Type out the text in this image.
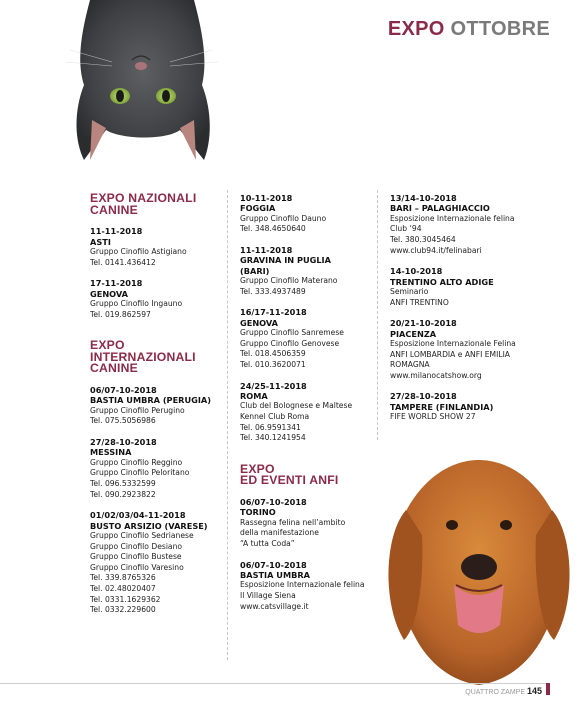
EXPO OTTOBRE
EXPO NAZIONALI
CANINE
11-11-2018
ASTI
Gruppo Cinofilo Astigiano
Tel. 0141.436412
17-11-2018
GENOVA
Gruppo Cinofilo Ingauno
Tel. 019.862597
EXPO
INTERNAZIONALI
CANINE
06/07-10-2018
BASTIA UMBRA (PERUGIA)
Gruppo Cinofilo Perugino
Tel. 075.5056986
27/28-10-2018
MESSINA
Gruppo Cinofilo Reggino
Gruppo Cinofilo Peloritano
Tel. 096.5332599
Tel. 090.2923822
01/02/03/04-11-2018
BUSTO ARSIZIO (VARESE)
Gruppo Cinofilo Sedrianese
Gruppo Cinofilo Desiano
Gruppo Cinofilo Bustese
Gruppo Cinofilo Varesino
Tel. 339.8765326
Tel. 02.48020407
Tel. 0331.1629362
Tel. 0332.229600
10-11-2018
FOGGIA
Gruppo Cinofilo Dauno
Tel. 348.4650640
11-11-2018
GRAVINA IN PUGLIA
(BARI)
Gruppo Cinofilo Materano
Tel. 333.4937489
16/17-11-2018
GENOVA
Gruppo Cinofilo Sanremese
Gruppo Cinofilo Genovese
Tel. 018.4506359
Tel. 010.3620071
24/25-11-2018
ROMA
Club del Bolognese e Maltese
Kennel Club Roma
Tel. 06.9591341
Tel. 340.1241954
EXPO
ED EVENTI ANFI
06/07-10-2018
TORINO
Rassegna felina nell’ambito
della manifestazione
“A tutta Coda”
06/07-10-2018
BASTIA UMBRA
Esposizione Internazionale felina
Il Village Siena
www.catsvillage.it
13/14-10-2018
BARI – PALAGHIACCIO
Esposizione Internazionale felina
Club ‘94
Tel. 380.3045464
www.club94.it/felinabari
14-10-2018
TRENTINO ALTO ADIGE
Seminario
ANFI TRENTINO
20/21-10-2018
PIACENZA
Esposizione Internazionale Felina
ANFI LOMBARDIA e ANFI EMILIA
ROMAGNA
www.milanocatshow.org
27/28-10-2018
TAMPERE (FINLANDIA)
FIFE WORLD SHOW 27
QUATTRO ZAMPE 145
